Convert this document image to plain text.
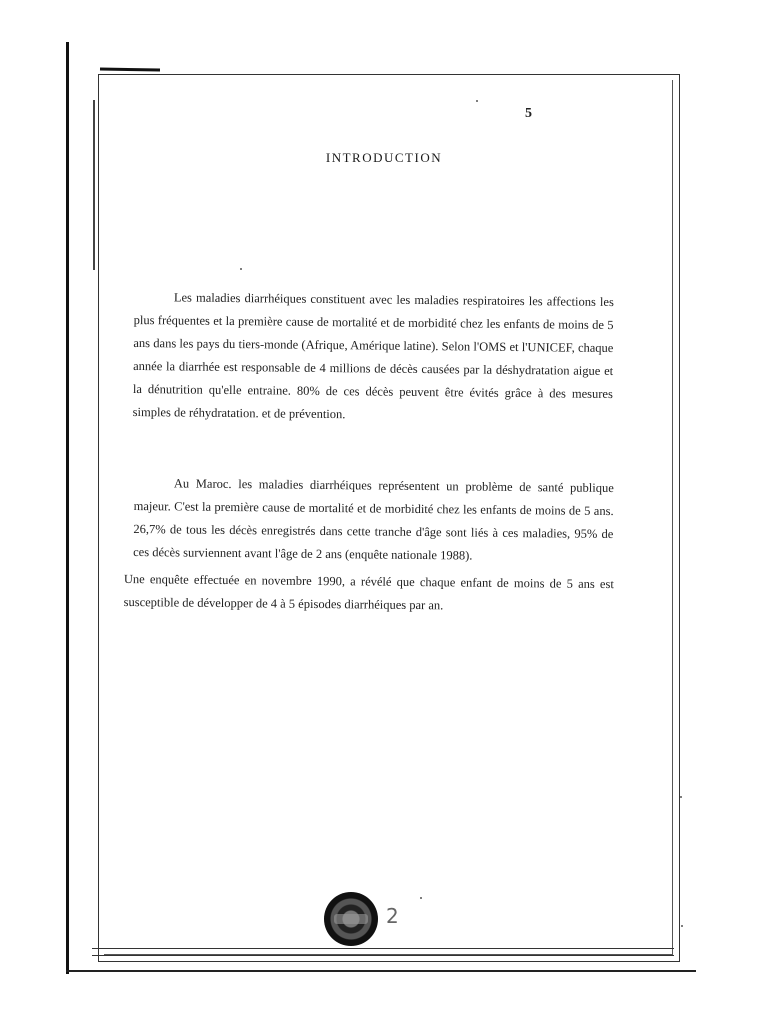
5
INTRODUCTION
Les maladies diarrhéiques constituent avec les maladies respiratoires les affections les plus fréquentes et la première cause de mortalité et de morbidité chez les enfants de moins de 5 ans dans les pays du tiers-monde (Afrique, Amérique latine). Selon l'OMS et l'UNICEF, chaque année la diarrhée est responsable de 4 millions de décès causées par la déshydratation aigue et la dénutrition qu'elle entraine. 80% de ces décès peuvent être évités grâce à des mesures simples de réhydratation. et de prévention.
Au Maroc. les maladies diarrhéiques représentent un problème de santé publique majeur. C'est la première cause de mortalité et de morbidité chez les enfants de moins de 5 ans. 26,7% de tous les décès enregistrés dans cette tranche d'âge sont liés à ces maladies, 95% de ces décès surviennent avant l'âge de 2 ans (enquête nationale 1988).
Une enquête effectuée en novembre 1990, a révélé que chaque enfant de moins de 5 ans est susceptible de développer de 4 à 5 épisodes diarrhéiques par an.
2
